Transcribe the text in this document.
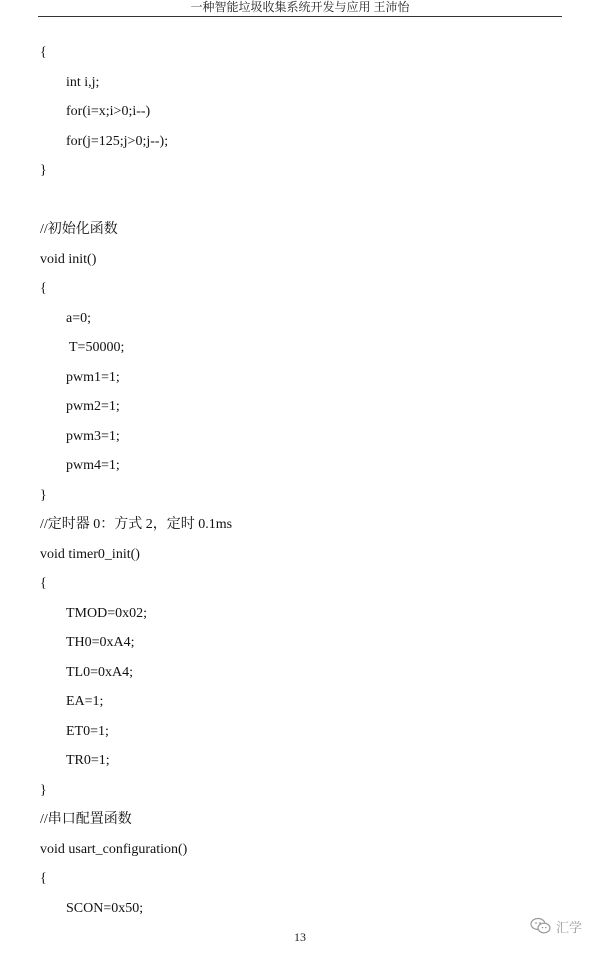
一种智能垃圾收集系统开发与应用 王沛怡
{
int i,j;
for(i=x;i>0;i--)
for(j=125;j>0;j--);
}
//初始化函数
void init()
{
a=0;
T=50000;
pwm1=1;
pwm2=1;
pwm3=1;
pwm4=1;
}
//定时器 0：方式 2，定时 0.1ms
void timer0_init()
{
TMOD=0x02;
TH0=0xA4;
TL0=0xA4;
EA=1;
ET0=1;
TR0=1;
}
//串口配置函数
void usart_configuration()
{
SCON=0x50;
13
汇学
